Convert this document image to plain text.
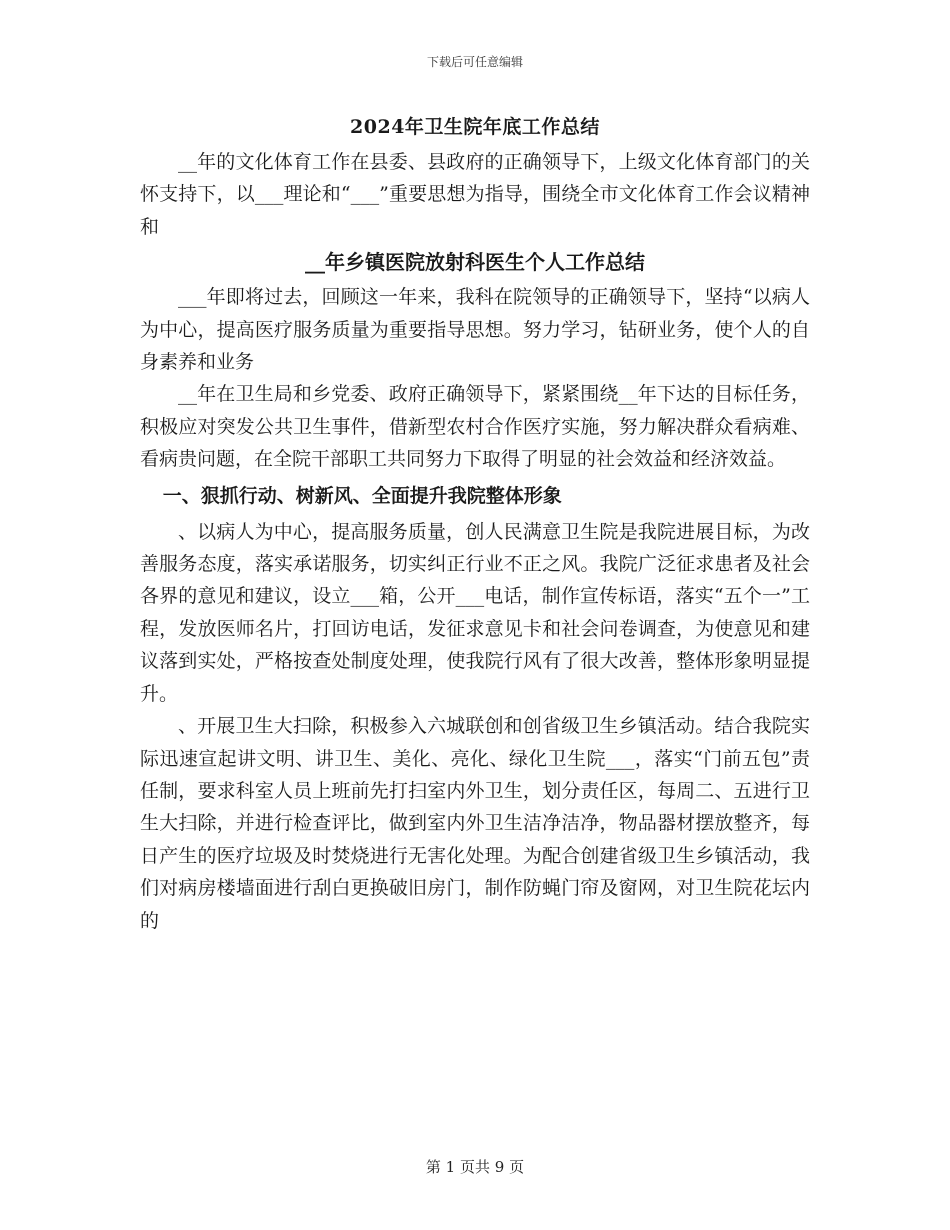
下载后可任意编辑

2024年卫生院年底工作总结

__年的文化体育工作在县委、县政府的正确领导下，上级文化体育部门的关怀支持下，以___理论和“___”重要思想为指导，围绕全市文化体育工作会议精神和

__年乡镇医院放射科医生个人工作总结

___年即将过去，回顾这一年来，我科在院领导的正确领导下，坚持“以病人为中心，提高医疗服务质量为重要指导思想。努力学习，钻研业务，使个人的自身素养和业务

__年在卫生局和乡党委、政府正确领导下，紧紧围绕__年下达的目标任务，积极应对突发公共卫生事件，借新型农村合作医疗实施，努力解决群众看病难、看病贵问题，在全院干部职工共同努力下取得了明显的社会效益和经济效益。

一、狠抓行动、树新风、全面提升我院整体形象

、以病人为中心，提高服务质量，创人民满意卫生院是我院进展目标，为改善服务态度，落实承诺服务，切实纠正行业不正之风。我院广泛征求患者及社会各界的意见和建议，设立___箱，公开___电话，制作宣传标语，落实“五个一”工程，发放医师名片，打回访电话，发征求意见卡和社会问卷调查，为使意见和建议落到实处，严格按查处制度处理，使我院行风有了很大改善，整体形象明显提升。

、开展卫生大扫除，积极参入六城联创和创省级卫生乡镇活动。结合我院实际迅速宣起讲文明、讲卫生、美化、亮化、绿化卫生院___，落实“门前五包”责任制，要求科室人员上班前先打扫室内外卫生，划分责任区，每周二、五进行卫生大扫除，并进行检查评比，做到室内外卫生洁净洁净，物品器材摆放整齐，每日产生的医疗垃圾及时焚烧进行无害化处理。为配合创建省级卫生乡镇活动，我们对病房楼墙面进行刮白更换破旧房门，制作防蝇门帘及窗网，对卫生院花坛内的

第 1 页共 9 页
